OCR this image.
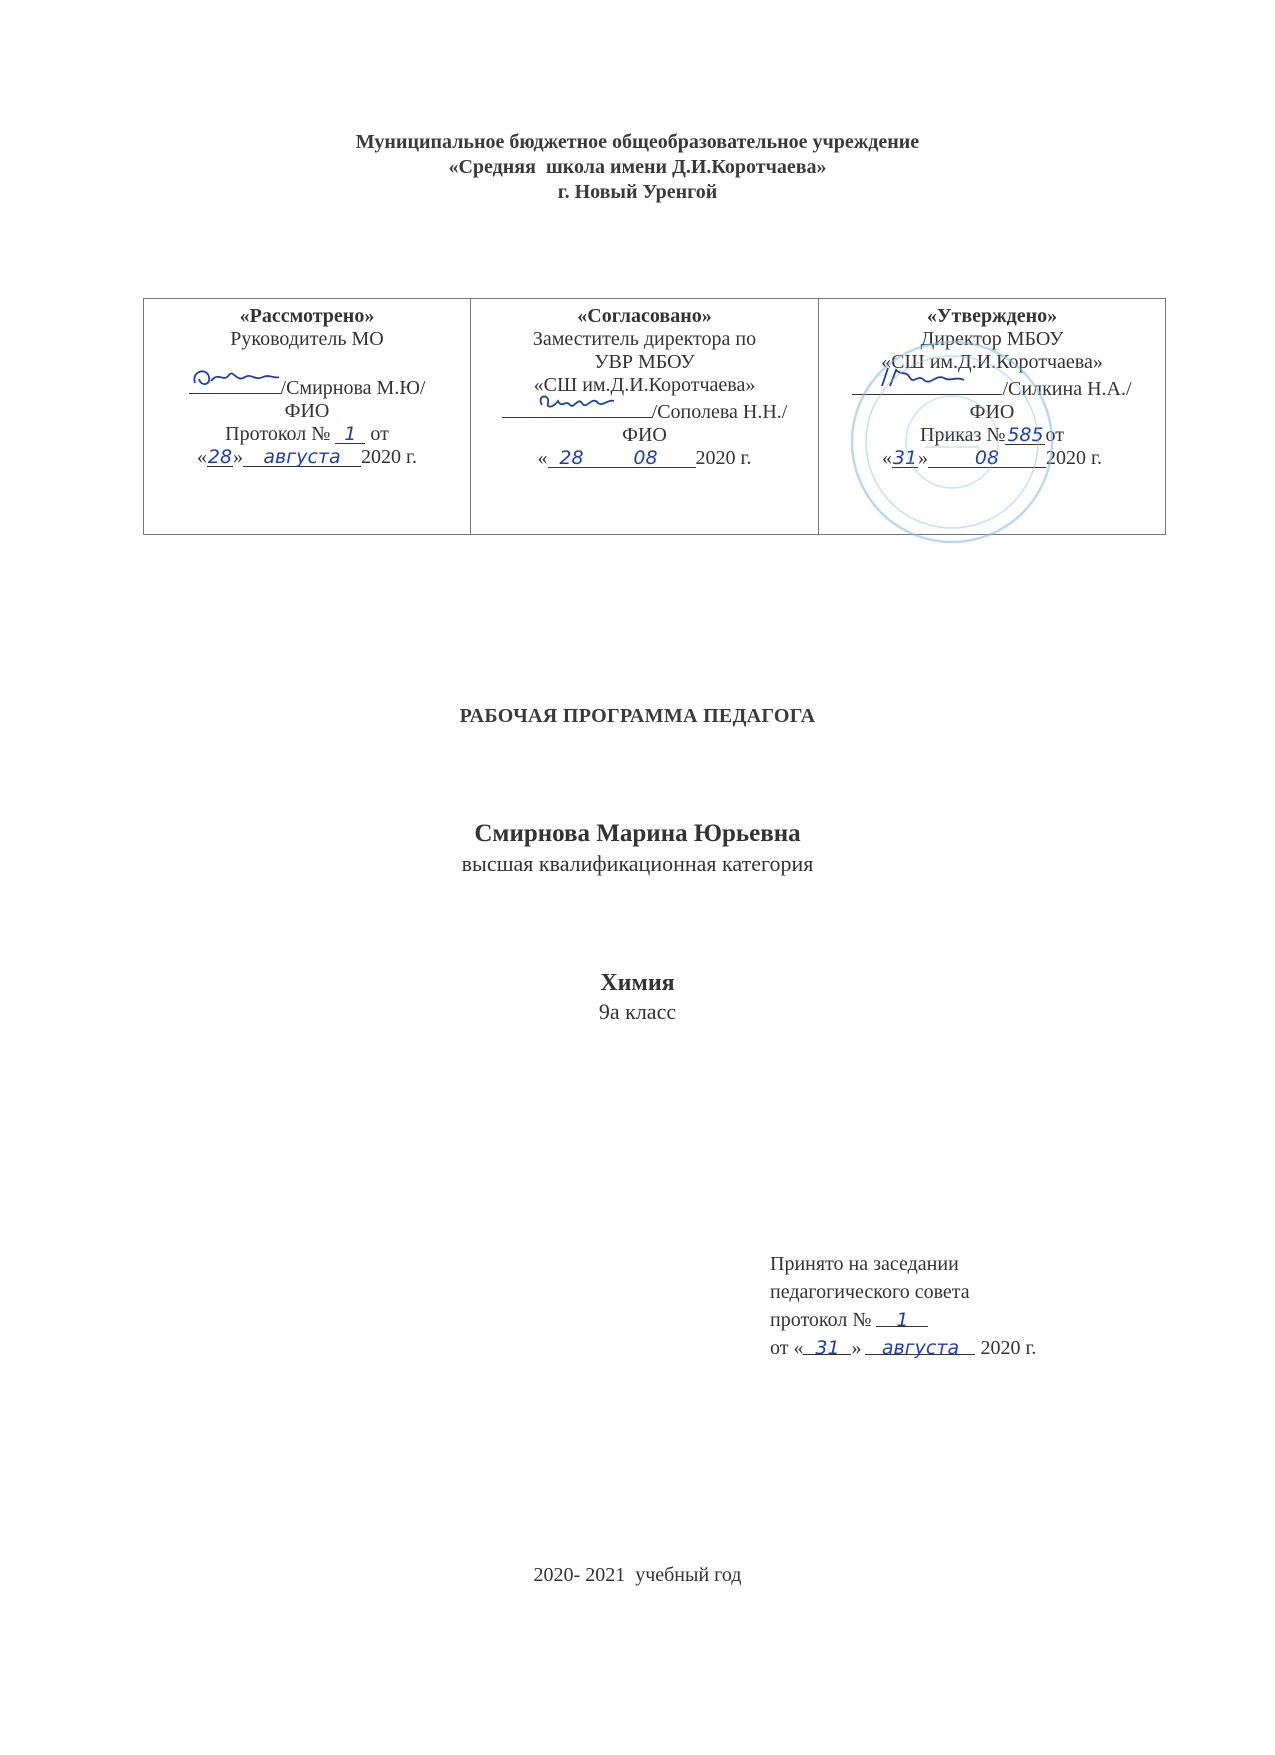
Муниципальное бюджетное общеобразовательное учреждение
«Средняя  школа имени Д.И.Коротчаева»
г. Новый Уренгой
«Рассмотрено»
Руководитель МО
/Смирнова М.Ю/
ФИО
Протокол № 1 от
«28» августа 2020 г.

«Согласовано»
Заместитель директора по
УВР МБОУ
«СШ им.Д.И.Коротчаева»
/Сополева Н.Н./
ФИО
« 28	08 2020 г.

«Утверждено»
Директор МБОУ
«СШ им.Д.И.Коротчаева»
/Силкина Н.А./
ФИО
Приказ №585от
«31» 08 2020 г.
РАБОЧАЯ ПРОГРАММА ПЕДАГОГА
Смирнова Марина Юрьевна
высшая квалификационная категория
Химия
9а класс
Принято на заседании
педагогического совета
протокол № 1
от « 31 » августа 2020 г.
2020- 2021  учебный год
